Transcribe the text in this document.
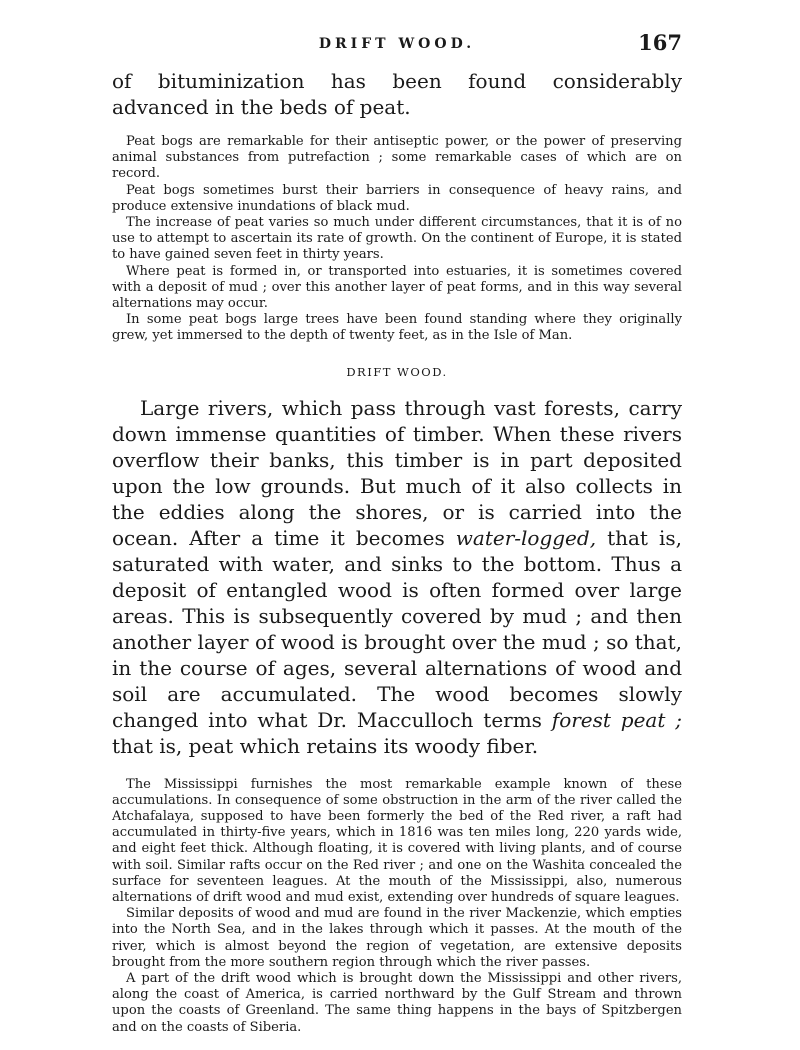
DRIFT WOOD.	167

of bituminization has been found considerably advanced in the beds of peat.

Peat bogs are remarkable for their antiseptic power, or the power of preserving animal substances from putrefaction ; some remarkable cases of which are on record.

Peat bogs sometimes burst their barriers in consequence of heavy rains, and produce extensive inundations of black mud.

The increase of peat varies so much under different circumstances, that it is of no use to attempt to ascertain its rate of growth. On the continent of Europe, it is stated to have gained seven feet in thirty years.

Where peat is formed in, or transported into estuaries, it is sometimes covered with a deposit of mud ; over this another layer of peat forms, and in this way several alternations may occur.

In some peat bogs large trees have been found standing where they originally grew, yet immersed to the depth of twenty feet, as in the Isle of Man.

DRIFT WOOD.

Large rivers, which pass through vast forests, carry down immense quantities of timber. When these rivers overflow their banks, this timber is in part deposited upon the low grounds. But much of it also collects in the eddies along the shores, or is carried into the ocean. After a time it becomes water-logged, that is, saturated with water, and sinks to the bottom. Thus a deposit of entangled wood is often formed over large areas. This is subsequently covered by mud ; and then another layer of wood is brought over the mud ; so that, in the course of ages, several alternations of wood and soil are accumulated. The wood becomes slowly changed into what Dr. Macculloch terms forest peat ; that is, peat which retains its woody fiber.

The Mississippi furnishes the most remarkable example known of these accumulations. In consequence of some obstruction in the arm of the river called the Atchafalaya, supposed to have been formerly the bed of the Red river, a raft had accumulated in thirty-five years, which in 1816 was ten miles long, 220 yards wide, and eight feet thick. Although floating, it is covered with living plants, and of course with soil. Similar rafts occur on the Red river ; and one on the Washita concealed the surface for seventeen leagues. At the mouth of the Mississippi, also, numerous alternations of drift wood and mud exist, extending over hundreds of square leagues.

Similar deposits of wood and mud are found in the river Mackenzie, which empties into the North Sea, and in the lakes through which it passes. At the mouth of the river, which is almost beyond the region of vegetation, are extensive deposits brought from the more southern region through which the river passes.

A part of the drift wood which is brought down the Mississippi and other rivers, along the coast of America, is carried northward by the Gulf Stream and thrown upon the coasts of Greenland. The same thing happens in the bays of Spitzbergen and on the coasts of Siberia.
